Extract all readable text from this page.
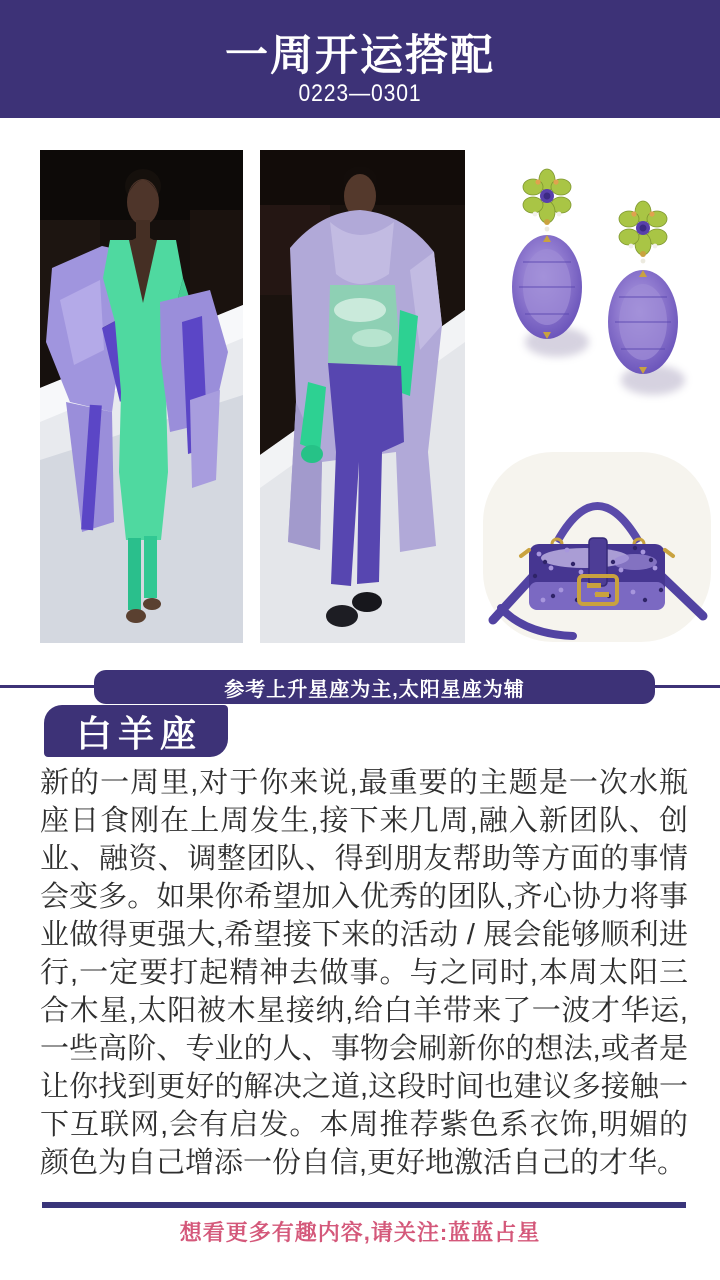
一周开运搭配
0223—0301
参考上升星座为主,太阳星座为辅
白羊座
新的一周里,对于你来说,最重要的主题是一次水瓶座日食刚在上周发生,接下来几周,融入新团队、创业、融资、调整团队、得到朋友帮助等方面的事情会变多。如果你希望加入优秀的团队,齐心协力将事业做得更强大,希望接下来的活动 / 展会能够顺利进行,一定要打起精神去做事。与之同时,本周太阳三合木星,太阳被木星接纳,给白羊带来了一波才华运,一些高阶、专业的人、事物会刷新你的想法,或者是让你找到更好的解决之道,这段时间也建议多接触一下互联网,会有启发。本周推荐紫色系衣饰,明媚的颜色为自己增添一份自信,更好地激活自己的才华。
想看更多有趣内容,请关注:蓝蓝占星
